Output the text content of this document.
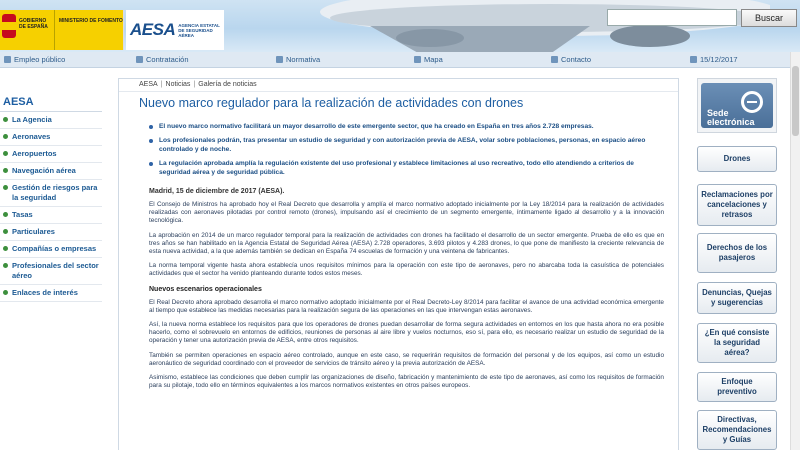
GOBIERNO DE ESPAÑA
MINISTERIO DE FOMENTO AESA AGENCIA ESTATAL DE SEGURIDAD AÉREA
Buscar
Empleo público	Contratación	Normativa	Mapa	Contacto	15/12/2017
AESA
La Agencia
Aeronaves
Aeropuertos
Navegación aérea
Gestión de riesgos para la seguridad
Tasas
Particulares
Compañías o empresas
Profesionales del sector aéreo
Enlaces de interés
AESA | Noticias | Galería de noticias
Nuevo marco regulador para la realización de actividades con drones
El nuevo marco normativo facilitará un mayor desarrollo de este emergente sector, que ha creado en España en tres años 2.728 empresas.
Los profesionales podrán, tras presentar un estudio de seguridad y con autorización previa de AESA, volar sobre poblaciones, personas, en espacio aéreo controlado y de noche.
La regulación aprobada amplía la regulación existente del uso profesional y establece limitaciones al uso recreativo, todo ello atendiendo a criterios de seguridad aérea y de seguridad pública.
Madrid, 15 de diciembre de 2017 (AESA).
El Consejo de Ministros ha aprobado hoy el Real Decreto que desarrolla y amplía el marco normativo adoptado inicialmente por la Ley 18/2014 para la realización de actividades realizadas con aeronaves pilotadas por control remoto (drones), impulsando así el crecimiento de un segmento emergente, íntimamente ligado al desarrollo y a la innovación tecnológica.
La aprobación en 2014 de un marco regulador temporal para la realización de actividades con drones ha facilitado el desarrollo de un sector emergente. Prueba de ello es que en tres años se han habilitado en la Agencia Estatal de Seguridad Aérea (AESA) 2.728 operadores, 3.693 pilotos y 4.283 drones, lo que pone de manifiesto la creciente relevancia de esta nueva actividad, a la que además también se dedican en España 74 escuelas de formación y una veintena de fabricantes.
La norma temporal vigente hasta ahora establecía unos requisitos mínimos para la operación con este tipo de aeronaves, pero no abarcaba toda la casuística de potenciales actividades que el sector ha venido planteando durante todos estos meses.
Nuevos escenarios operacionales
El Real Decreto ahora aprobado desarrolla el marco normativo adoptado inicialmente por el Real Decreto-Ley 8/2014 para facilitar el avance de una actividad económica emergente al tiempo que establece las medidas necesarias para la realización segura de las operaciones en las que intervengan estas aeronaves.
Así, la nueva norma establece los requisitos para que los operadores de drones puedan desarrollar de forma segura actividades en entornos en los que hasta ahora no era posible hacerlo, como el sobrevuelo en entornos de edificios, reuniones de personas al aire libre y vuelos nocturnos, eso sí, para ello, es necesario realizar un estudio de seguridad de la operación y tener una autorización previa de AESA, entre otros requisitos.
También se permiten operaciones en espacio aéreo controlado, aunque en este caso, se requerirán requisitos de formación del personal y de los equipos, así como un estudio aeronáutico de seguridad coordinado con el proveedor de servicios de tránsito aéreo y la previa autorización de AESA.
Asimismo, establece las condiciones que deben cumplir las organizaciones de diseño, fabricación y mantenimiento de este tipo de aeronaves, así como los requisitos de formación para su pilotaje, todo ello en términos equivalentes a los marcos normativos existentes en otros países europeos.
Sede electrónica
Drones
Reclamaciones por cancelaciones y retrasos
Derechos de los pasajeros
Denuncias, Quejas y sugerencias
¿En qué consiste la seguridad aérea?
Enfoque preventivo
Directivas, Recomendaciones y Guías
